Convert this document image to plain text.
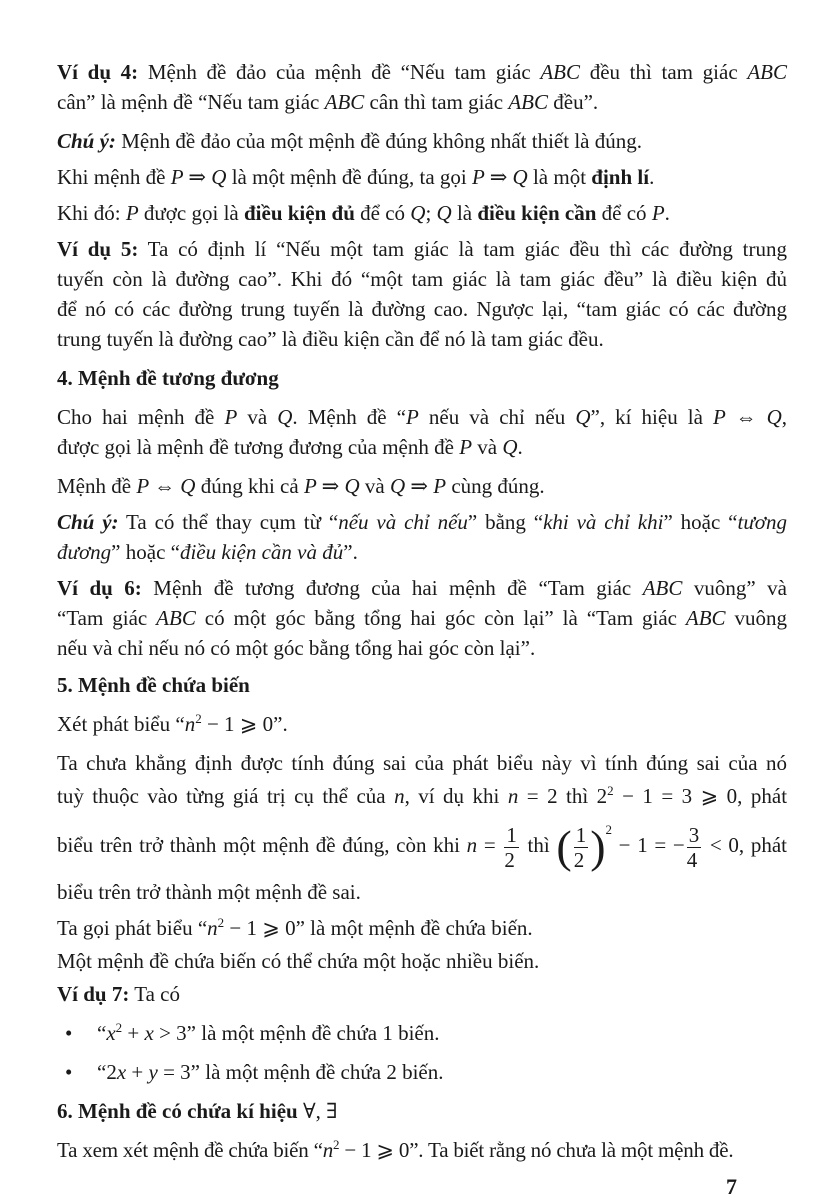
Ví dụ 4: Mệnh đề đảo của mệnh đề “Nếu tam giác ABC đều thì tam giác ABC

cân” là mệnh đề “Nếu tam giác ABC cân thì tam giác ABC đều”.

Chú ý: Mệnh đề đảo của một mệnh đề đúng không nhất thiết là đúng.

Khi mệnh đề P ⇒ Q là một mệnh đề đúng, ta gọi P ⇒ Q là một định lí.

Khi đó: P được gọi là điều kiện đủ để có Q; Q là điều kiện cần để có P.

Ví dụ 5: Ta có định lí “Nếu một tam giác là tam giác đều thì các đường trung

tuyến còn là đường cao”. Khi đó “một tam giác là tam giác đều” là điều kiện đủ

để nó có các đường trung tuyến là đường cao. Ngược lại, “tam giác có các đường

trung tuyến là đường cao” là điều kiện cần để nó là tam giác đều.

4. Mệnh đề tương đương

Cho hai mệnh đề P và Q. Mệnh đề “P nếu và chỉ nếu Q”, kí hiệu là P ⇔ Q,

được gọi là mệnh đề tương đương của mệnh đề P và Q.

Mệnh đề P ⇔ Q đúng khi cả P ⇒ Q và Q ⇒ P cùng đúng.

Chú ý: Ta có thể thay cụm từ “nếu và chỉ nếu” bằng “khi và chỉ khi” hoặc “tương

đương” hoặc “điều kiện cần và đủ”.

Ví dụ 6: Mệnh đề tương đương của hai mệnh đề “Tam giác ABC vuông” và

“Tam giác ABC có một góc bằng tổng hai góc còn lại” là “Tam giác ABC vuông

nếu và chỉ nếu nó có một góc bằng tổng hai góc còn lại”.

5. Mệnh đề chứa biến

Xét phát biểu “$n^2 - 1$ ⩾ 0”.

Ta chưa khẳng định được tính đúng sai của phát biểu này vì tính đúng sai của nó

tuỳ thuộc vào từng giá trị cụ thể của n, ví dụ khi n = 2 thì $2^2 - 1 = 3$ ⩾ 0, phát

biểu trên trở thành một mệnh đề đúng, còn khi $n = \frac{1}{2}$ thì ( $\frac{1}{2} )^2 - 1$ = − $\frac{3}{4} < 0$, phát

biểu trên trở thành một mệnh đề sai.

Ta gọi phát biểu “$n^2 - 1$ ⩾ 0” là một mệnh đề chứa biến.

Một mệnh đề chứa biến có thể chứa một hoặc nhiều biến.

Ví dụ 7: Ta có

• “$x^2 + x > 3$” là một mệnh đề chứa 1 biến.

• “2x + y = 3” là một mệnh đề chứa 2 biến.

6. Mệnh đề có chứa kí hiệu ∀, ∃

Ta xem xét mệnh đề chứa biến “$n^2 - 1$ ⩾ 0”. Ta biết rằng nó chưa là một mệnh đề.

7
